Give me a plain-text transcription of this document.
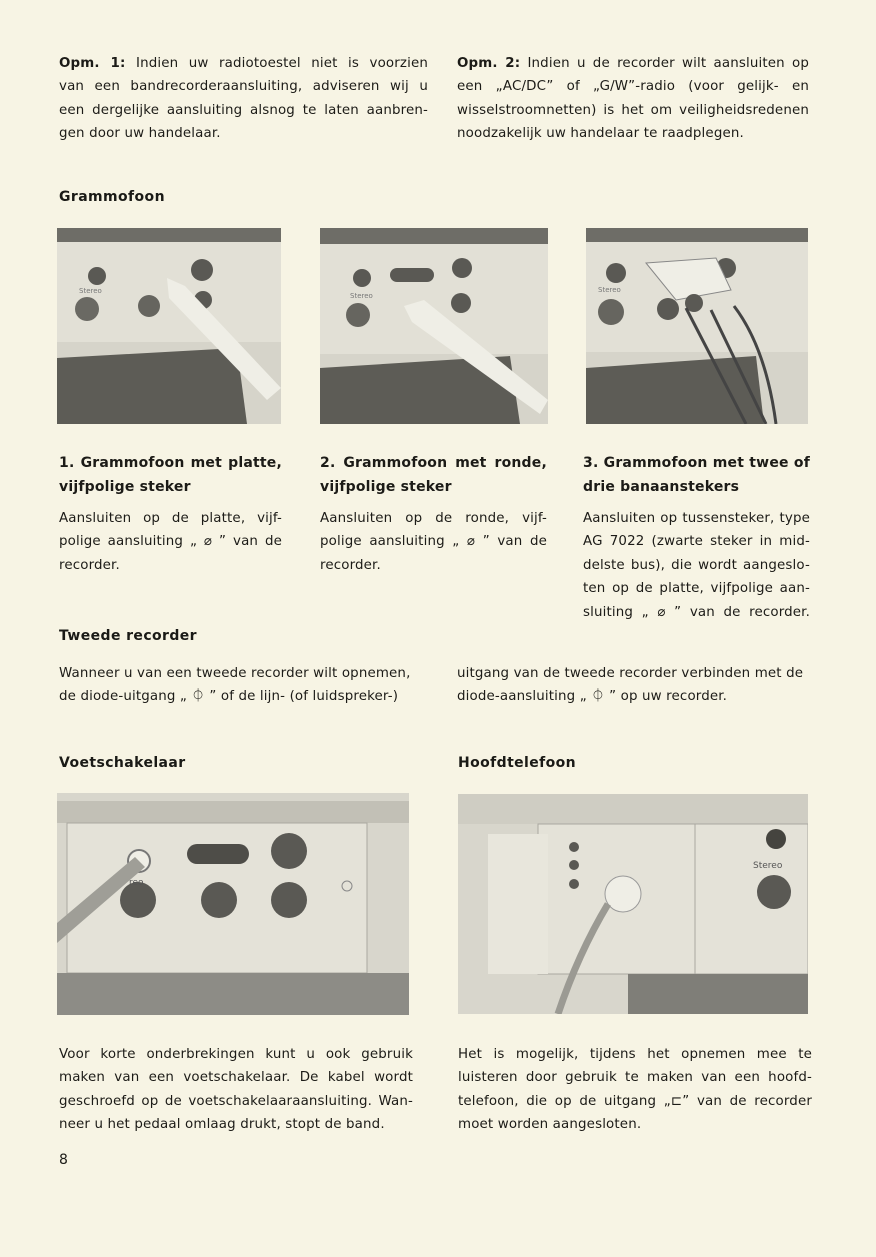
Opm. 1: Indien uw radiotoestel niet is voorzien
van een bandrecorderaansluiting, adviseren wij u
een dergelijke aansluiting alsnog te laten aanbren-
gen door uw handelaar.
Opm. 2: Indien u de recorder wilt aansluiten op
een „AC/DC” of „G/W”-radio (voor gelijk- en
wisselstroomnetten) is het om veiligheidsredenen
noodzakelijk uw handelaar te raadplegen.
Grammofoon
Stereo
Stereo
Stereo
1. Grammofoon met platte,
vijfpolige steker
Aansluiten op de platte, vijf-
polige aansluiting „ ⌀ ” van de
recorder.
2. Grammofoon met ronde,
vijfpolige steker
Aansluiten op de ronde, vijf-
polige aansluiting „ ⌀ ” van de
recorder.
3. Grammofoon met twee of
drie banaanstekers
Aansluiten op tussensteker, type
AG 7022 (zwarte steker in mid-
delste bus), die wordt aangeslo-
ten op de platte, vijfpolige aan-
sluiting „ ⌀ ” van de recorder.
Tweede recorder
Wanneer u van een tweede recorder wilt opnemen,
de diode-uitgang „ ⏀ ” of de lijn- (of luidspreker-)
uitgang van de tweede recorder verbinden met de
diode-aansluiting „ ⏀ ” op uw recorder.
Voetschakelaar
reo
Voor korte onderbrekingen kunt u ook gebruik
maken van een voetschakelaar. De kabel wordt
geschroefd op de voetschakelaaraansluiting. Wan-
neer u het pedaal omlaag drukt, stopt de band.
Hoofdtelefoon
Stereo
Het is mogelijk, tijdens het opnemen mee te
luisteren door gebruik te maken van een hoofd-
telefoon, die op de uitgang „⊏” van de recorder
moet worden aangesloten.
8
